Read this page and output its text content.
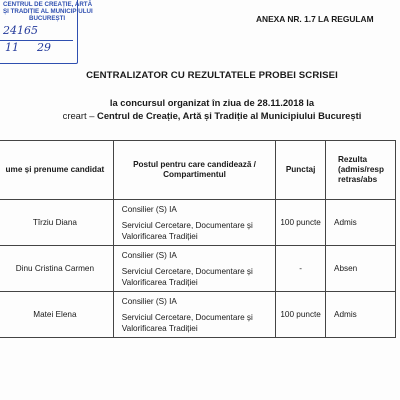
CENTRUL DE CREAȚIE, ARTĂ
ȘI TRADIȚIE AL MUNICIPIULUI
BUCUREȘTI
24165
11 29
ANEXA NR. 1.7 LA REGULAM
CENTRALIZATOR CU REZULTATELE PROBEI SCRISEI
la concursul organizat în ziua de 28.11.2018 la
creart – Centrul de Creație, Artă și Tradiție al Municipiului București
ume și prenume candidat	Postul pentru care candidează /
Compartimentul	Punctaj	Rezulta
(admis/resp
retras/abs

Tîrziu Diana	Consilier (S) IA
Serviciul Cercetare, Documentare și
Valorificarea Tradiției	100 puncte	Admis
Dinu Cristina Carmen	Consilier (S) IA
Serviciul Cercetare, Documentare și
Valorificarea Tradiției	-	Absen
Matei Elena	Consilier (S) IA
Serviciul Cercetare, Documentare și
Valorificarea Tradiției	100 puncte	Admis
